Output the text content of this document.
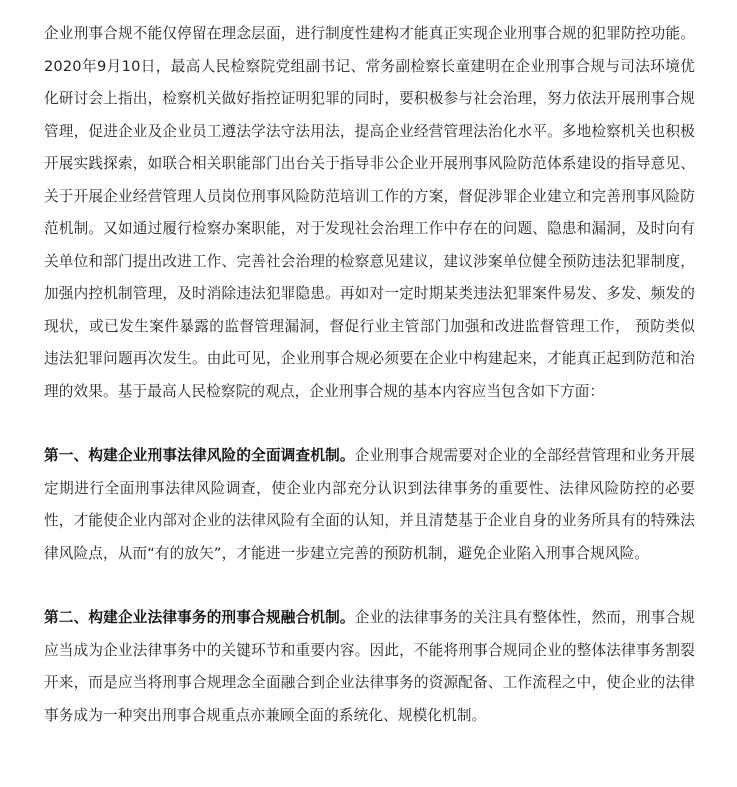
企业刑事合规不能仅停留在理念层面，进行制度性建构才能真正实现企业刑事合规的犯罪防控功能。2020年9月10日，最高人民检察院党组副书记、常务副检察长童建明在企业刑事合规与司法环境优化研讨会上指出，检察机关做好指控证明犯罪的同时，要积极参与社会治理，努力依法开展刑事合规管理，促进企业及企业员工遵法学法守法用法，提高企业经营管理法治化水平。多地检察机关也积极开展实践探索，如联合相关职能部门出台关于指导非公企业开展刑事风险防范体系建设的指导意见、关于开展企业经营管理人员岗位刑事风险防范培训工作的方案，督促涉罪企业建立和完善刑事风险防范机制。又如通过履行检察办案职能，对于发现社会治理工作中存在的问题、隐患和漏洞，及时向有关单位和部门提出改进工作、完善社会治理的检察意见建议，建议涉案单位健全预防违法犯罪制度，加强内控机制管理，及时消除违法犯罪隐患。再如对一定时期某类违法犯罪案件易发、多发、频发的现状，或已发生案件暴露的监督管理漏洞，督促行业主管部门加强和改进监督管理工作， 预防类似违法犯罪问题再次发生。由此可见，企业刑事合规必须要在企业中构建起来，才能真正起到防范和治理的效果。基于最高人民检察院的观点，企业刑事合规的基本内容应当包含如下方面：

第一、构建企业刑事法律风险的全面调查机制。企业刑事合规需要对企业的全部经营管理和业务开展定期进行全面刑事法律风险调查，使企业内部充分认识到法律事务的重要性、法律风险防控的必要性，才能使企业内部对企业的法律风险有全面的认知，并且清楚基于企业自身的业务所具有的特殊法律风险点，从而“有的放矢”，才能进一步建立完善的预防机制，避免企业陷入刑事合规风险。

第二、构建企业法律事务的刑事合规融合机制。企业的法律事务的关注具有整体性，然而，刑事合规应当成为企业法律事务中的关键环节和重要内容。因此，不能将刑事合规同企业的整体法律事务割裂开来，而是应当将刑事合规理念全面融合到企业法律事务的资源配备、工作流程之中，使企业的法律事务成为一种突出刑事合规重点亦兼顾全面的系统化、规模化机制。
